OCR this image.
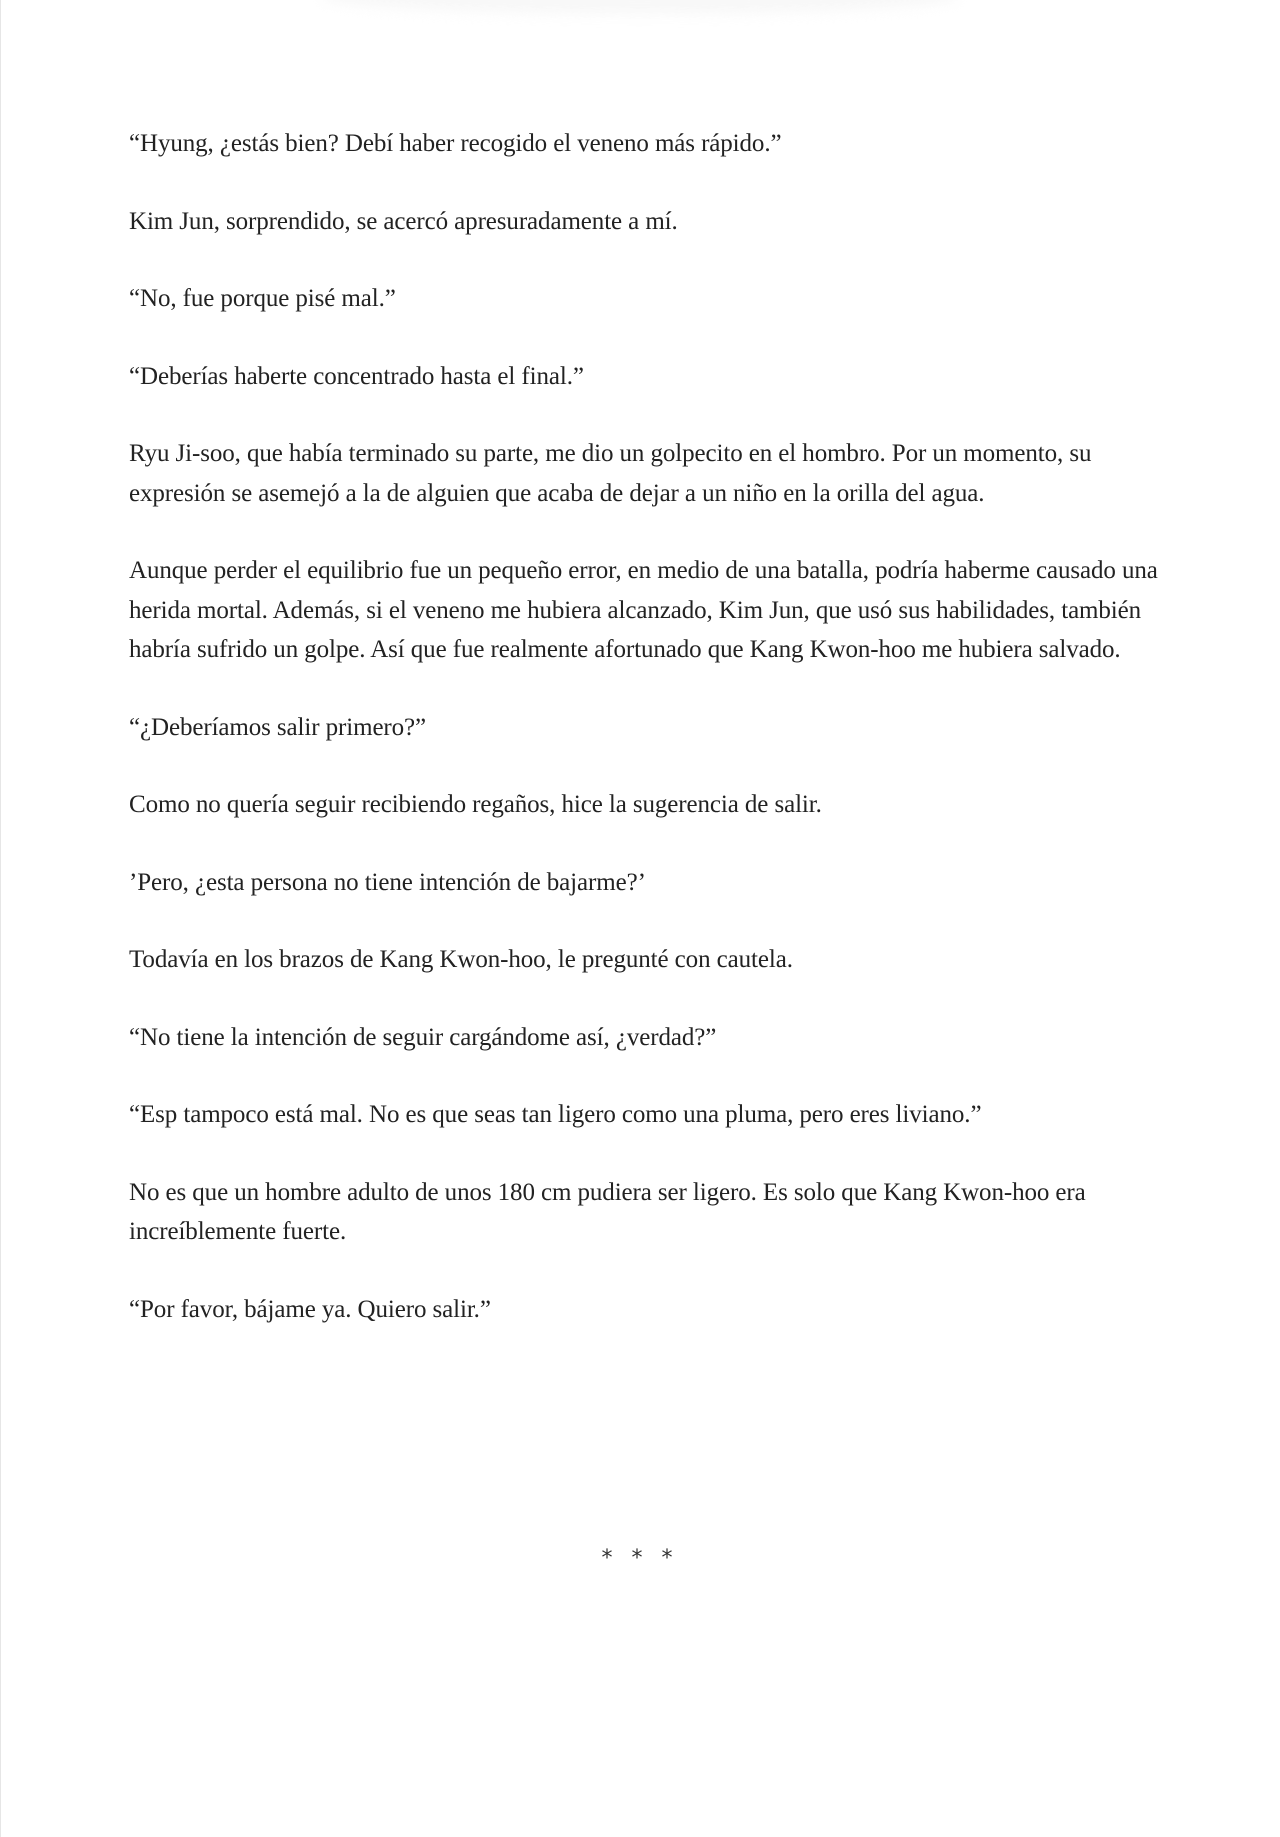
“Hyung, ¿estás bien? Debí haber recogido el veneno más rápido.”

Kim Jun, sorprendido, se acercó apresuradamente a mí.

“No, fue porque pisé mal.”

“Deberías haberte concentrado hasta el final.”

Ryu Ji-soo, que había terminado su parte, me dio un golpecito en el hombro. Por un momento, su expresión se asemejó a la de alguien que acaba de dejar a un niño en la orilla del agua.

Aunque perder el equilibrio fue un pequeño error, en medio de una batalla, podría haberme causado una herida mortal. Además, si el veneno me hubiera alcanzado, Kim Jun, que usó sus habilidades, también habría sufrido un golpe. Así que fue realmente afortunado que Kang Kwon-hoo me hubiera salvado.

“¿Deberíamos salir primero?”

Como no quería seguir recibiendo regaños, hice la sugerencia de salir.

’Pero, ¿esta persona no tiene intención de bajarme?’

Todavía en los brazos de Kang Kwon-hoo, le pregunté con cautela.

“No tiene la intención de seguir cargándome así, ¿verdad?”

“Esp tampoco está mal. No es que seas tan ligero como una pluma, pero eres liviano.”

No es que un hombre adulto de unos 180 cm pudiera ser ligero. Es solo que Kang Kwon-hoo era increíblemente fuerte.

“Por favor, bájame ya. Quiero salir.”

* * *
